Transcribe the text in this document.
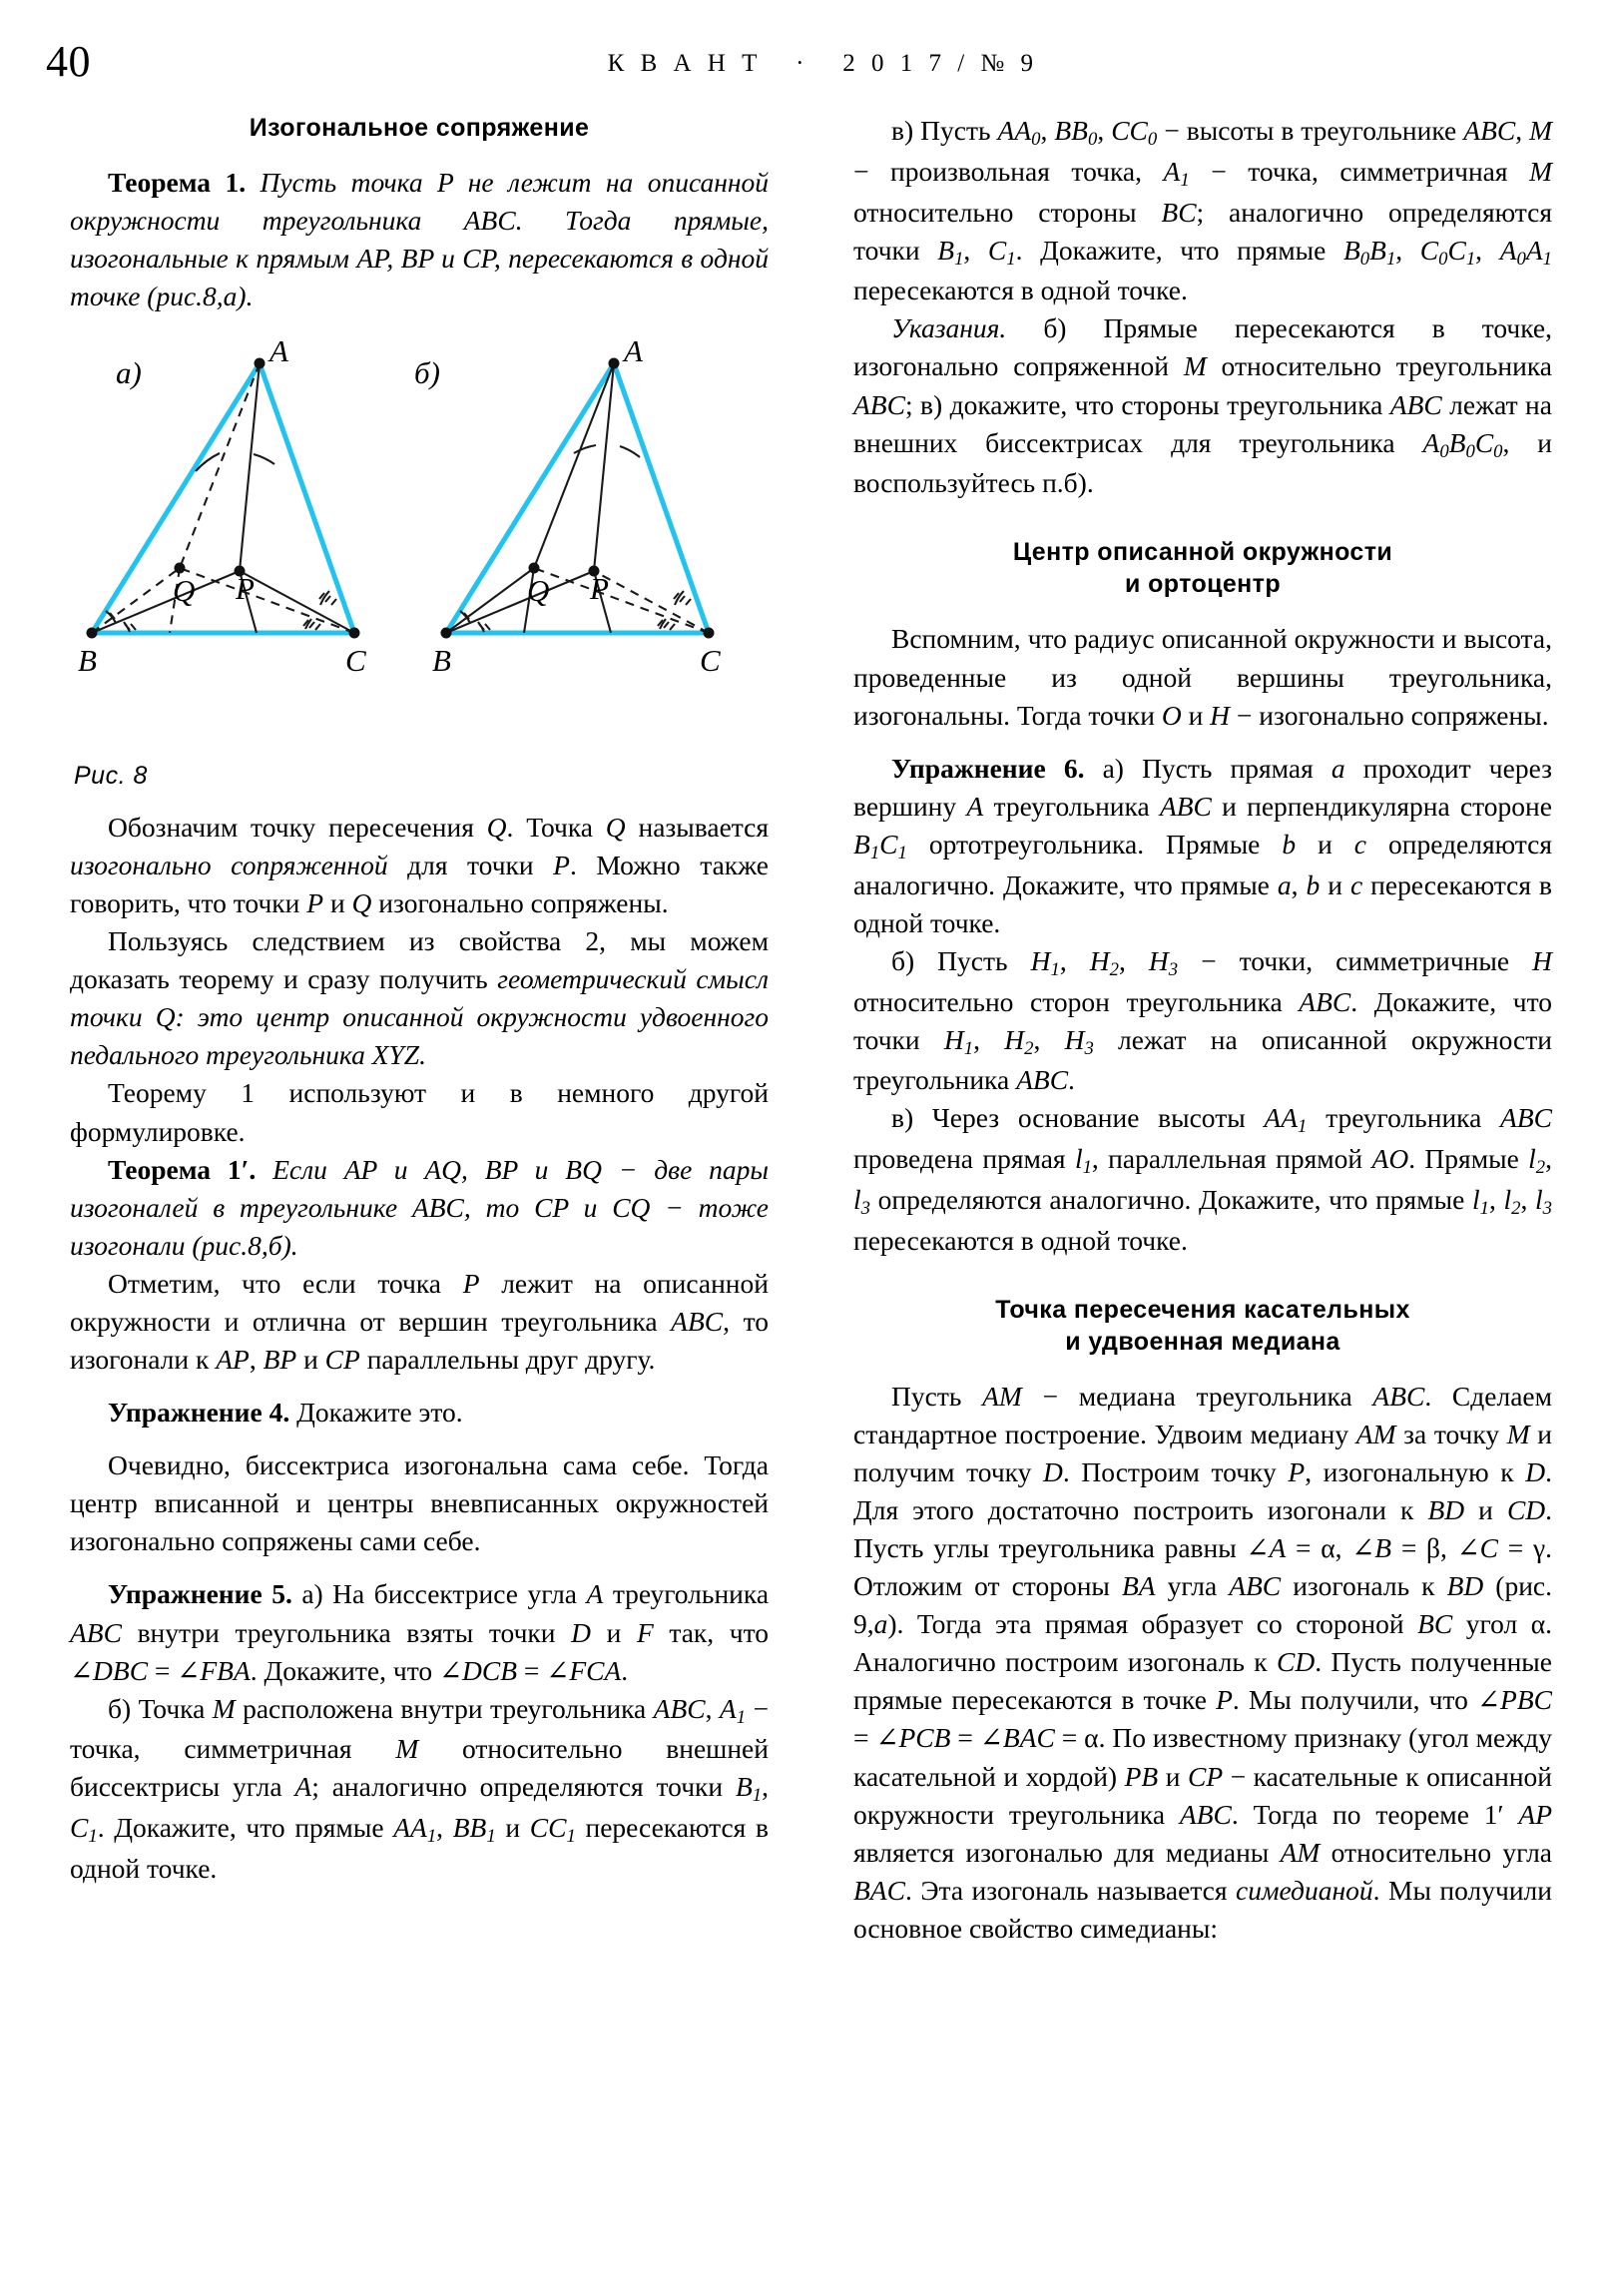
40	К В А Н Т   ·   2 0 1 7 / № 9
Изогональное сопряжение

Теорема 1. Пусть точка P не лежит на описанной окружности треугольника ABC. Тогда прямые, изогональные к прямым AP, BP и CP, пересекаются в одной точке (рис.8,а).

а)
A
B	C
Q P
б)
A
B	C
Q P
Рис. 8

Обозначим точку пересечения Q. Точка Q называется изогонально сопряженной для точки P. Можно также говорить, что точки P и Q изогонально сопряжены.

Пользуясь следствием из свойства 2, мы можем доказать теорему и сразу получить геометрический смысл точки Q: это центр описанной окружности удвоенного педального треугольника XYZ.

Теорему 1 используют и в немного другой формулировке.

Теорема 1′. Если AP и AQ, BP и BQ − две пары изогоналей в треугольнике ABC, то CP и CQ − тоже изогонали (рис.8,б).

Отметим, что если точка P лежит на описанной окружности и отлична от вершин треугольника ABC, то изогонали к AP, BP и CP параллельны друг другу.

Упражнение 4. Докажите это.

Очевидно, биссектриса изогональна сама себе. Тогда центр вписанной и центры вневписанных окружностей изогонально сопряжены сами себе.

Упражнение 5. а) На биссектрисе угла A треугольника ABC внутри треугольника взяты точки D и F так, что ∠DBC = ∠FBA. Докажите, что ∠DCB = ∠FCA.

б) Точка M расположена внутри треугольника ABC, $A_1$ − точка, симметричная M относительно внешней биссектрисы угла A; аналогично определяются точки $B_1$, $C_1$. Докажите, что прямые $AA_1$, $BB_1$ и $CC_1$ пересекаются в одной точке.

в) Пусть $AA_0$, $BB_0$, $CC_0$ − высоты в треугольнике ABC, M − произвольная точка, $A_1$ − точка, симметричная M относительно стороны BC; аналогично определяются точки $B_1$, $C_1$. Докажите, что прямые $B_0B_1$, $C_0C_1$, $A_0A_1$ пересекаются в одной точке.

Указания. б) Прямые пересекаются в точке, изогонально сопряженной M относительно треугольника ABC; в) докажите, что стороны треугольника ABC лежат на внешних биссектрисах для треугольника $A_0B_0C_0$, и воспользуйтесь п.б).

Центр описанной окружности
и ортоцентр

Вспомним, что радиус описанной окружности и высота, проведенные из одной вершины треугольника, изогональны. Тогда точки O и H − изогонально сопряжены.

Упражнение 6. а) Пусть прямая a проходит через вершину A треугольника ABC и перпендикулярна стороне $B_1C_1$ ортотреугольника. Прямые b и c определяются аналогично. Докажите, что прямые a, b и c пересекаются в одной точке.

б) Пусть $H_1$, $H_2$, $H_3$ − точки, симметричные H относительно сторон треугольника ABC. Докажите, что точки $H_1$, $H_2$, $H_3$ лежат на описанной окружности треугольника ABC.

в) Через основание высоты $AA_1$ треугольника ABC проведена прямая $l_1$, параллельная прямой AO. Прямые $l_2$, $l_3$ определяются аналогично. Докажите, что прямые $l_1$, $l_2$, $l_3$ пересекаются в одной точке.

Точка пересечения касательных
и удвоенная медиана

Пусть AM − медиана треугольника ABC. Сделаем стандартное построение. Удвоим медиану AM за точку M и получим точку D. Построим точку P, изогональную к D. Для этого достаточно построить изогонали к BD и CD. Пусть углы треугольника равны ∠A = α, ∠B = β, ∠C = γ. Отложим от стороны BA угла ABC изогональ к BD (рис. 9,а). Тогда эта прямая образует со стороной BC угол α. Аналогично построим изогональ к CD. Пусть полученные прямые пересекаются в точке P. Мы получили, что ∠PBC = ∠PCB = ∠BAC = α. По известному признаку (угол между касательной и хордой) PB и CP − касательные к описанной окружности треугольника ABC. Тогда по теореме 1′ AP является изогональю для медианы AM относительно угла BAC. Эта изогональ называется симедианой. Мы получили основное свойство симедианы:
